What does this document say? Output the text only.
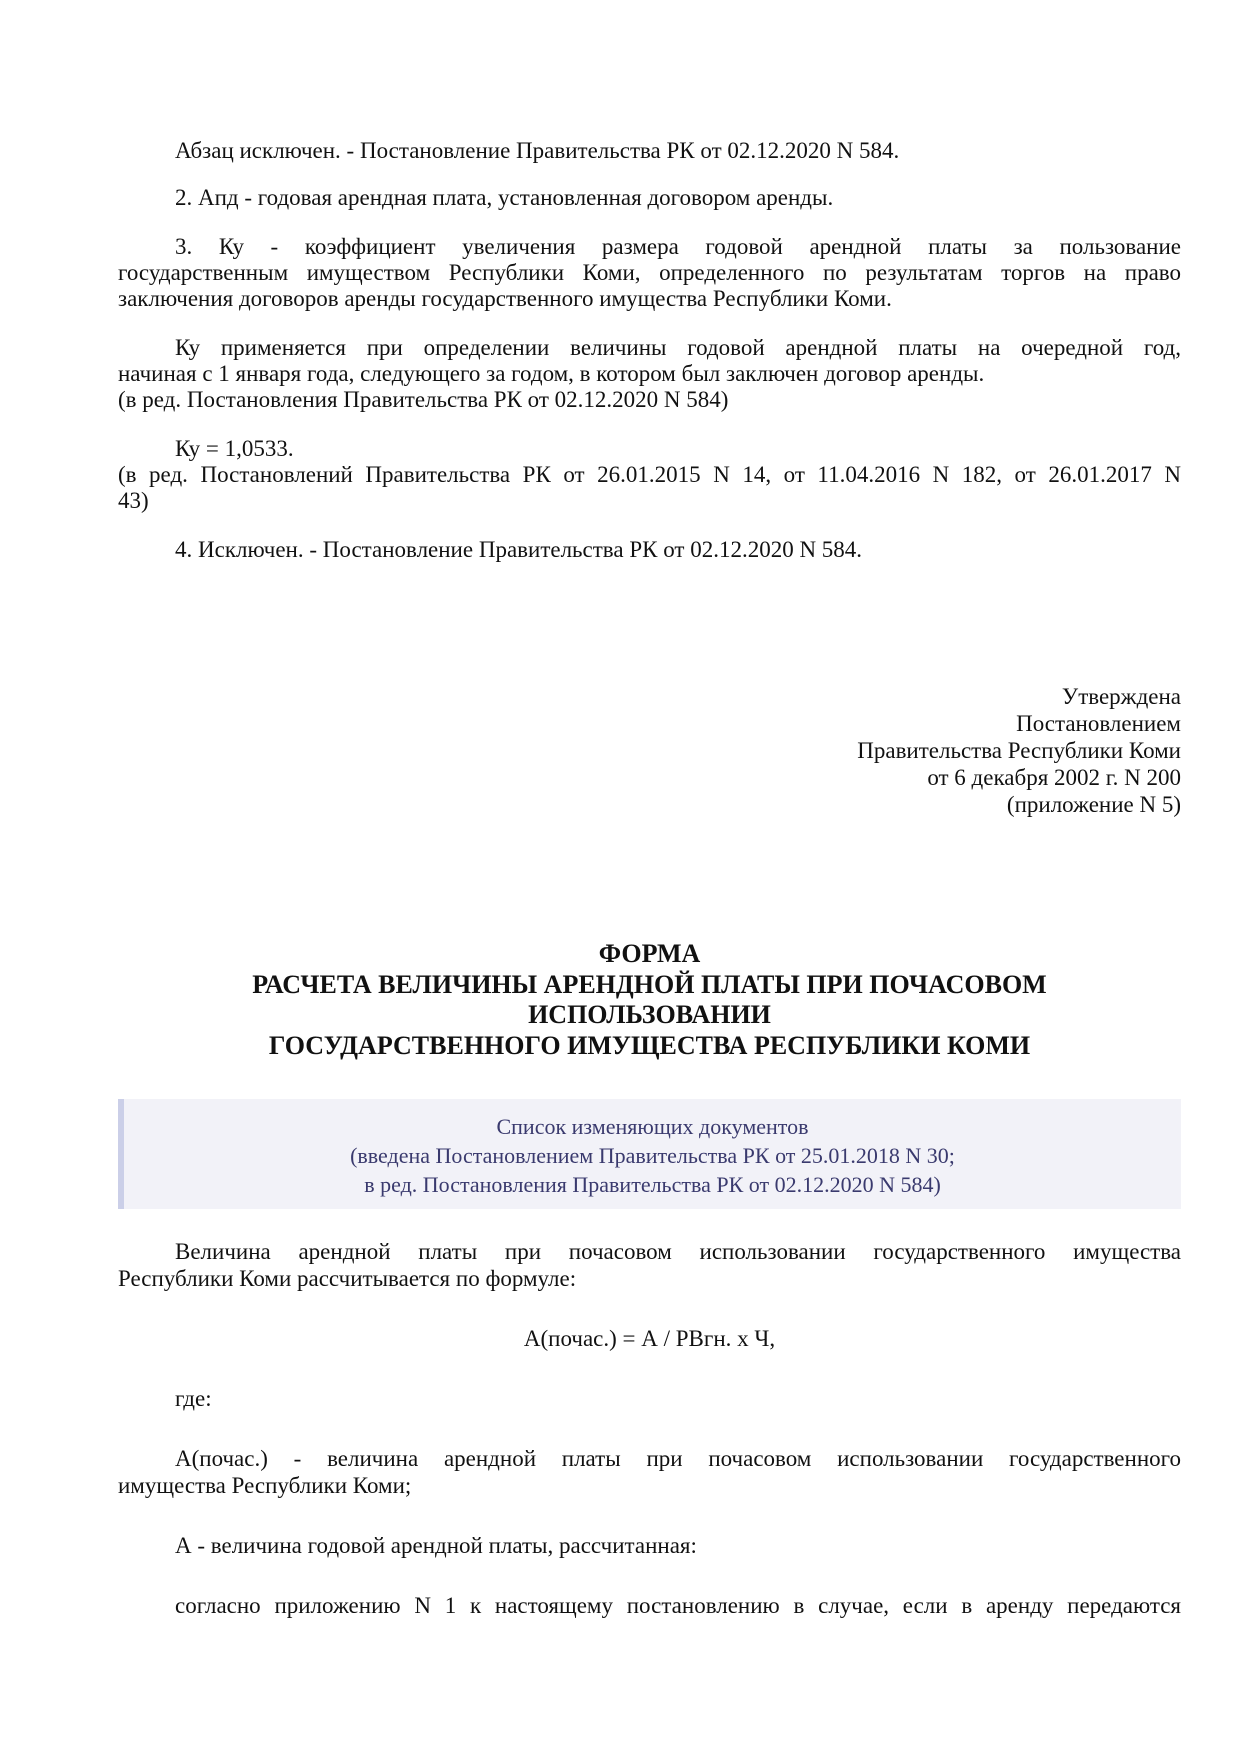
Абзац исключен. - Постановление Правительства РК от 02.12.2020 N 584.
2. Апд - годовая арендная плата, установленная договором аренды.
3. Ку - коэффициент увеличения размера годовой арендной платы за пользование
государственным имуществом Республики Коми, определенного по результатам торгов на право
заключения договоров аренды государственного имущества Республики Коми.
Ку применяется при определении величины годовой арендной платы на очередной год,
начиная с 1 января года, следующего за годом, в котором был заключен договор аренды.
(в ред. Постановления Правительства РК от 02.12.2020 N 584)
Ку = 1,0533.
(в ред. Постановлений Правительства РК от 26.01.2015 N 14, от 11.04.2016 N 182, от 26.01.2017 N
43)
4. Исключен. - Постановление Правительства РК от 02.12.2020 N 584.
Утверждена
Постановлением
Правительства Республики Коми
от 6 декабря 2002 г. N 200
(приложение N 5)
ФОРМА
РАСЧЕТА ВЕЛИЧИНЫ АРЕНДНОЙ ПЛАТЫ ПРИ ПОЧАСОВОМ
ИСПОЛЬЗОВАНИИ
ГОСУДАРСТВЕННОГО ИМУЩЕСТВА РЕСПУБЛИКИ КОМИ
Список изменяющих документов
(введена Постановлением Правительства РК от 25.01.2018 N 30;
в ред. Постановления Правительства РК от 02.12.2020 N 584)
Величина арендной платы при почасовом использовании государственного имущества
Республики Коми рассчитывается по формуле:
А(почас.) = А / РВгн. x Ч,
где:
А(почас.) - величина арендной платы при почасовом использовании государственного
имущества Республики Коми;
А - величина годовой арендной платы, рассчитанная:
согласно приложению N 1 к настоящему постановлению в случае, если в аренду передаются
